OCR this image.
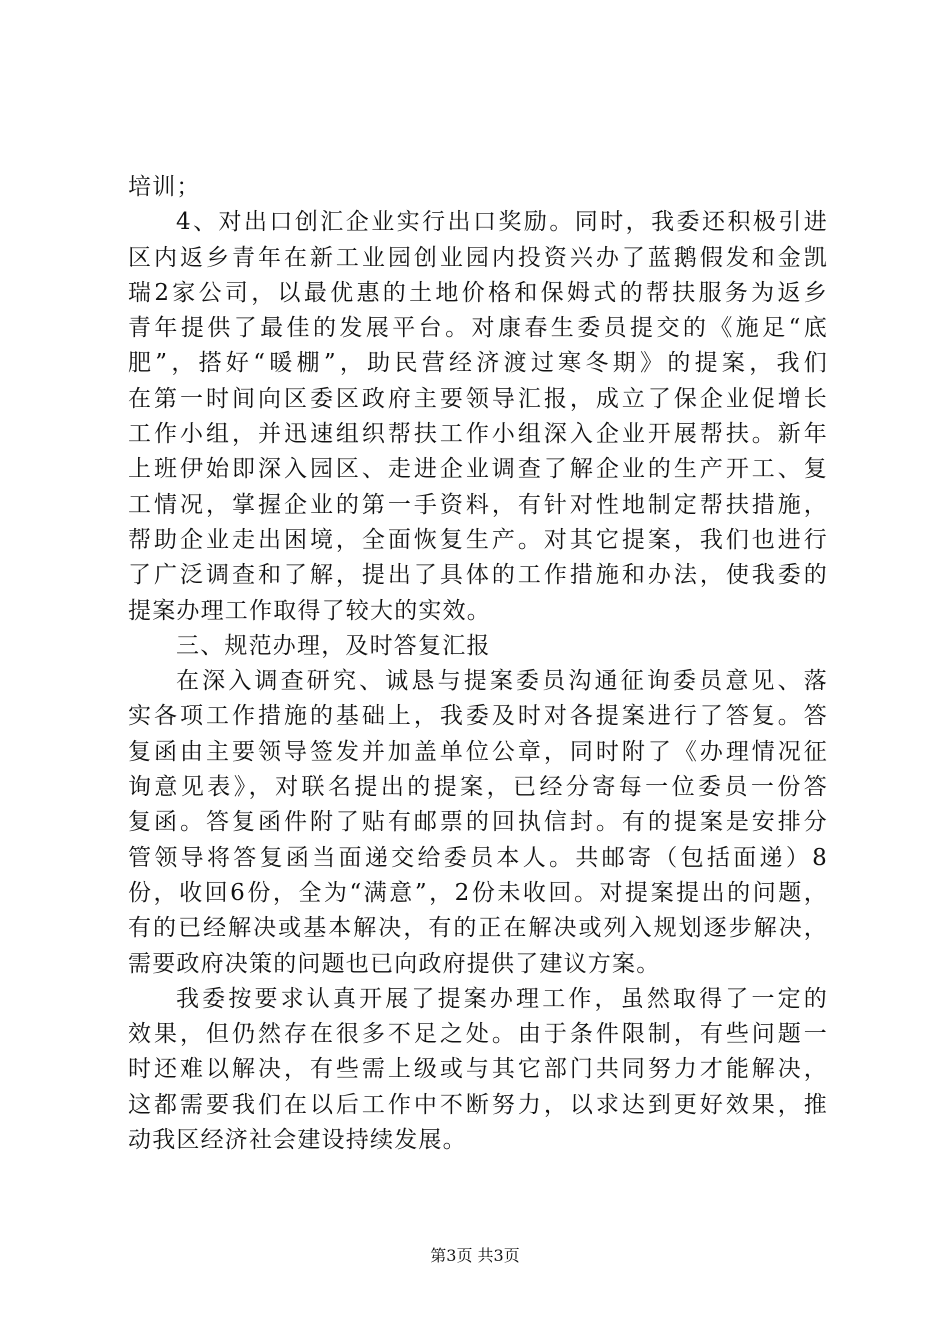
培训；
4、对出口创汇企业实行出口奖励。同时，我委还积极引进
区内返乡青年在新工业园创业园内投资兴办了蓝鹅假发和金凯
瑞2家公司，以最优惠的土地价格和保姆式的帮扶服务为返乡
青年提供了最佳的发展平台。对康春生委员提交的《施足“底
肥”，搭好“暖棚”，助民营经济渡过寒冬期》的提案，我们
在第一时间向区委区政府主要领导汇报，成立了保企业促增长
工作小组，并迅速组织帮扶工作小组深入企业开展帮扶。新年
上班伊始即深入园区、走进企业调查了解企业的生产开工、复
工情况，掌握企业的第一手资料，有针对性地制定帮扶措施，
帮助企业走出困境，全面恢复生产。对其它提案，我们也进行
了广泛调查和了解，提出了具体的工作措施和办法，使我委的
提案办理工作取得了较大的实效。
三、规范办理，及时答复汇报
在深入调查研究、诚恳与提案委员沟通征询委员意见、落
实各项工作措施的基础上，我委及时对各提案进行了答复。答
复函由主要领导签发并加盖单位公章，同时附了《办理情况征
询意见表》，对联名提出的提案，已经分寄每一位委员一份答
复函。答复函件附了贴有邮票的回执信封。有的提案是安排分
管领导将答复函当面递交给委员本人。共邮寄（包括面递）8
份，收回6份，全为“满意”，2份未收回。对提案提出的问题，
有的已经解决或基本解决，有的正在解决或列入规划逐步解决，
需要政府决策的问题也已向政府提供了建议方案。
我委按要求认真开展了提案办理工作，虽然取得了一定的
效果，但仍然存在很多不足之处。由于条件限制，有些问题一
时还难以解决，有些需上级或与其它部门共同努力才能解决，
这都需要我们在以后工作中不断努力，以求达到更好效果，推
动我区经济社会建设持续发展。
第3页 共3页
